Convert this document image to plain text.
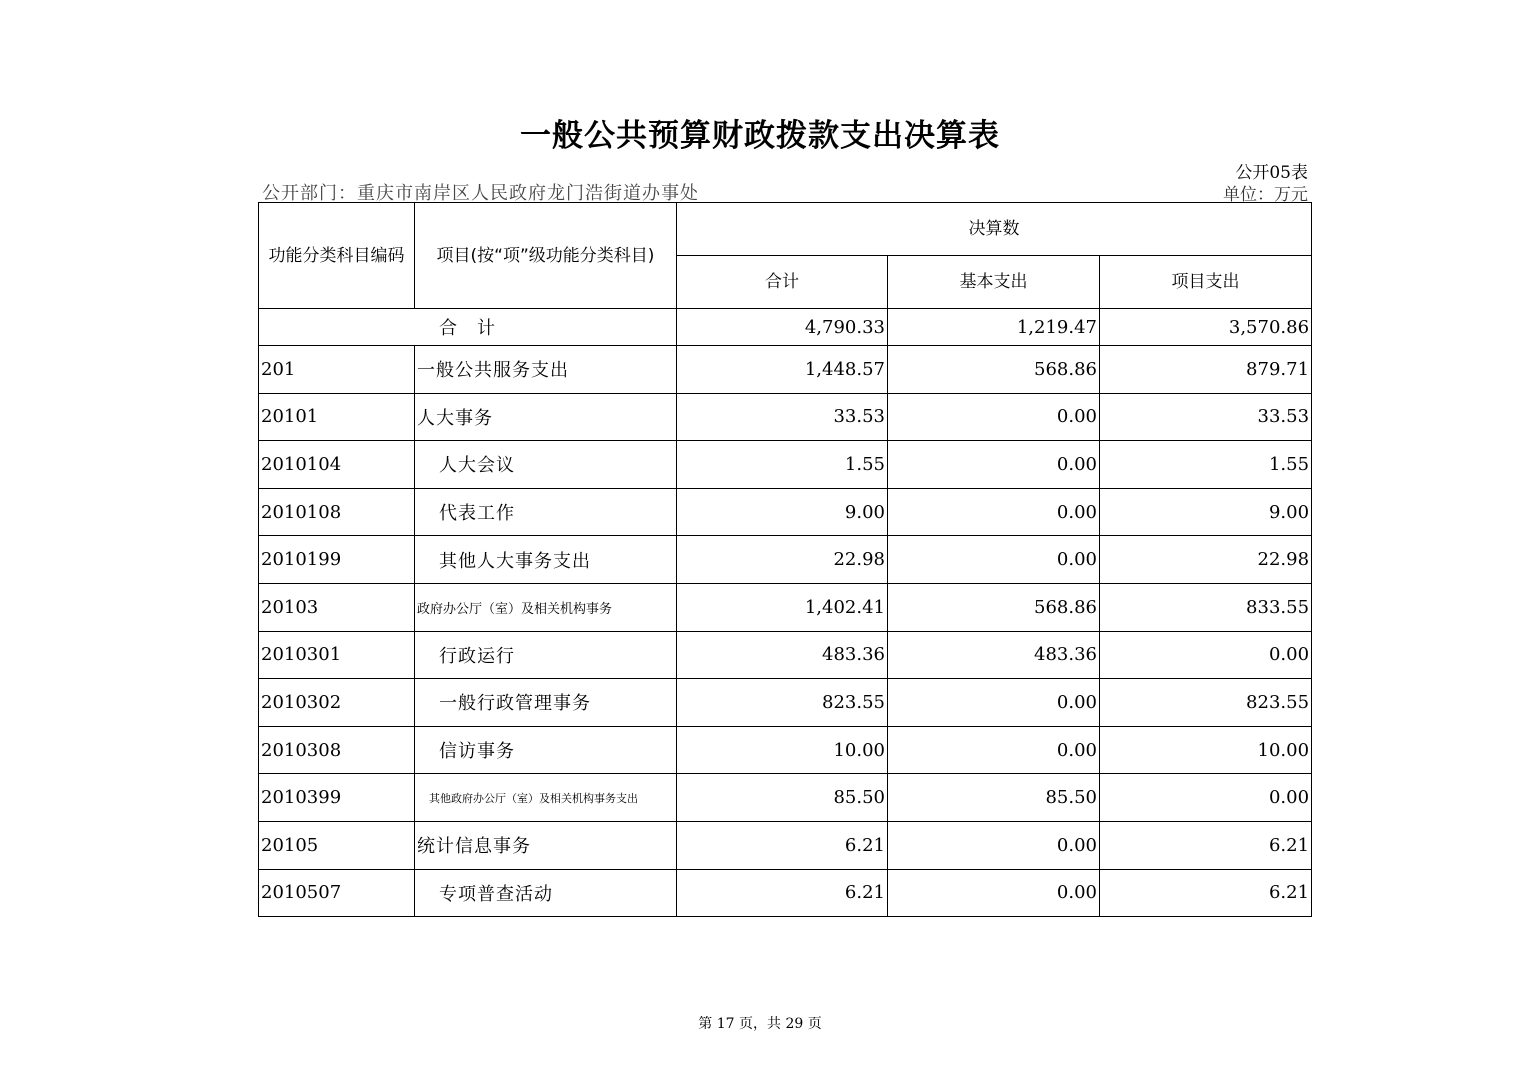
一般公共预算财政拨款支出决算表
公开05表
公开部门：重庆市南岸区人民政府龙门浩街道办事处	单位：万元
功能分类科目编码	项目(按“项”级功能分类科目)	决算数		
		合计	基本支出	项目支出
合　计		4,790.33	1,219.47	3,570.86
201	一般公共服务支出	1,448.57	568.86	879.71
20101	人大事务	33.53	0.00	33.53
2010104	人大会议	1.55	0.00	1.55
2010108	代表工作	9.00	0.00	9.00
2010199	其他人大事务支出	22.98	0.00	22.98
20103	政府办公厅（室）及相关机构事务	1,402.41	568.86	833.55
2010301	行政运行	483.36	483.36	0.00
2010302	一般行政管理事务	823.55	0.00	823.55
2010308	信访事务	10.00	0.00	10.00
2010399	其他政府办公厅（室）及相关机构事务支出	85.50	85.50	0.00
20105	统计信息事务	6.21	0.00	6.21
2010507	专项普查活动	6.21	0.00	6.21
第 17 页，共 29 页
